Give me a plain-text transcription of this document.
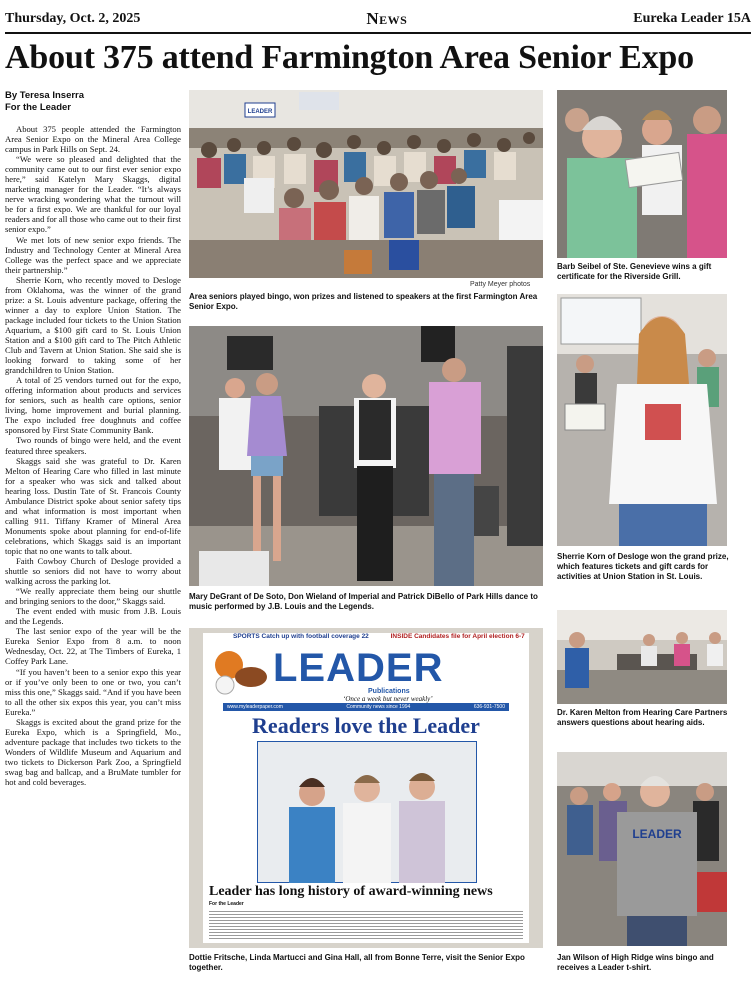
Thursday, Oct. 2, 2025	News	Eureka Leader 15A
About 375 attend Farmington Area Senior Expo
By Teresa Inserra
For the Leader

About 375 people attended the Farmington Area Senior Expo on the Mineral Area College campus in Park Hills on Sept. 24.

“We were so pleased and delighted that the community came out to our first ever senior expo here,” said Katelyn Mary Skaggs, digital marketing manager for the Leader. “It’s always nerve wracking wondering what the turnout will be for a first expo. We are thankful for our loyal readers and for all those who came out to their first senior expo.”

We met lots of new senior expo friends. The Industry and Technology Center at Mineral Area College was the perfect space and we appreciate their partnership.”

Sherrie Korn, who recently moved to Desloge from Oklahoma, was the winner of the grand prize: a St. Louis adventure package, offering the winner a day to explore Union Station. The package included four tickets to the Union Station Aquarium, a $100 gift card to St. Louis Union Station and a $100 gift card to The Pitch Athletic Club and Tavern at Union Station. She said she is looking forward to taking some of her grandchildren to Union Station.

A total of 25 vendors turned out for the expo, offering information about products and services for seniors, such as health care options, senior living, home improvement and burial planning. The expo included free doughnuts and coffee sponsored by First State Community Bank.

Two rounds of bingo were held, and the event featured three speakers.

Skaggs said she was grateful to Dr. Karen Melton of Hearing Care who filled in last minute for a speaker who was sick and talked about hearing loss. Dustin Tate of St. Francois County Ambulance District spoke about senior safety tips and what information is most important when calling 911. Tiffany Kramer of Mineral Area Monuments spoke about planning for end-of-life celebrations, which Skaggs said is an important topic that no one wants to talk about.

Faith Cowboy Church of Desloge provided a shuttle so seniors did not have to worry about walking across the parking lot.

“We really appreciate them being our shuttle and bringing seniors to the door,” Skaggs said.

The event ended with music from J.B. Louis and the Legends.

The last senior expo of the year will be the Eureka Senior Expo from 8 a.m. to noon Wednesday, Oct. 22, at The Timbers of Eureka, 1 Coffey Park Lane.

“If you haven’t been to a senior expo this year or if you’ve only been to one or two, you can’t miss this one,” Skaggs said. “And if you have been to all the other six expos this year, you can’t miss Eureka.”

Skaggs is excited about the grand prize for the Eureka Expo, which is a Springfield, Mo., adventure package that includes two tickets to the Wonders of Wildlife Museum and Aquarium and two tickets to Dickerson Park Zoo, a Springfield swag bag and ballcap, and a BruMate tumbler for hot and cold beverages.

LEADER
Patty Meyer photos
Area seniors played bingo, won prizes and listened to speakers at the first Farmington Area Senior Expo.
Mary DeGrant of De Soto, Don Wieland of Imperial and Patrick DiBello of Park Hills dance to music performed by J.B. Louis and the Legends.
SPORTS Catch up with football coverage 22	INSIDE Candidates file for April election 6-7
LEADER
Publications
‘Once a week but never weakly’
www.myleaderpaper.com	Community news since 1994	636-931-7500
Readers love the Leader
Leader has long history of award-winning news
For the Leader
Dottie Fritsche, Linda Martucci and Gina Hall, all from Bonne Terre, visit the Senior Expo together.
Barb Seibel of Ste. Genevieve wins a gift certificate for the Riverside Grill.
Sherrie Korn of Desloge won the grand prize, which features tickets and gift cards for activities at Union Station in St. Louis.
Dr. Karen Melton from Hearing Care Partners answers questions about hearing aids.
LEADER
Jan Wilson of High Ridge wins bingo and receives a Leader t-shirt.
